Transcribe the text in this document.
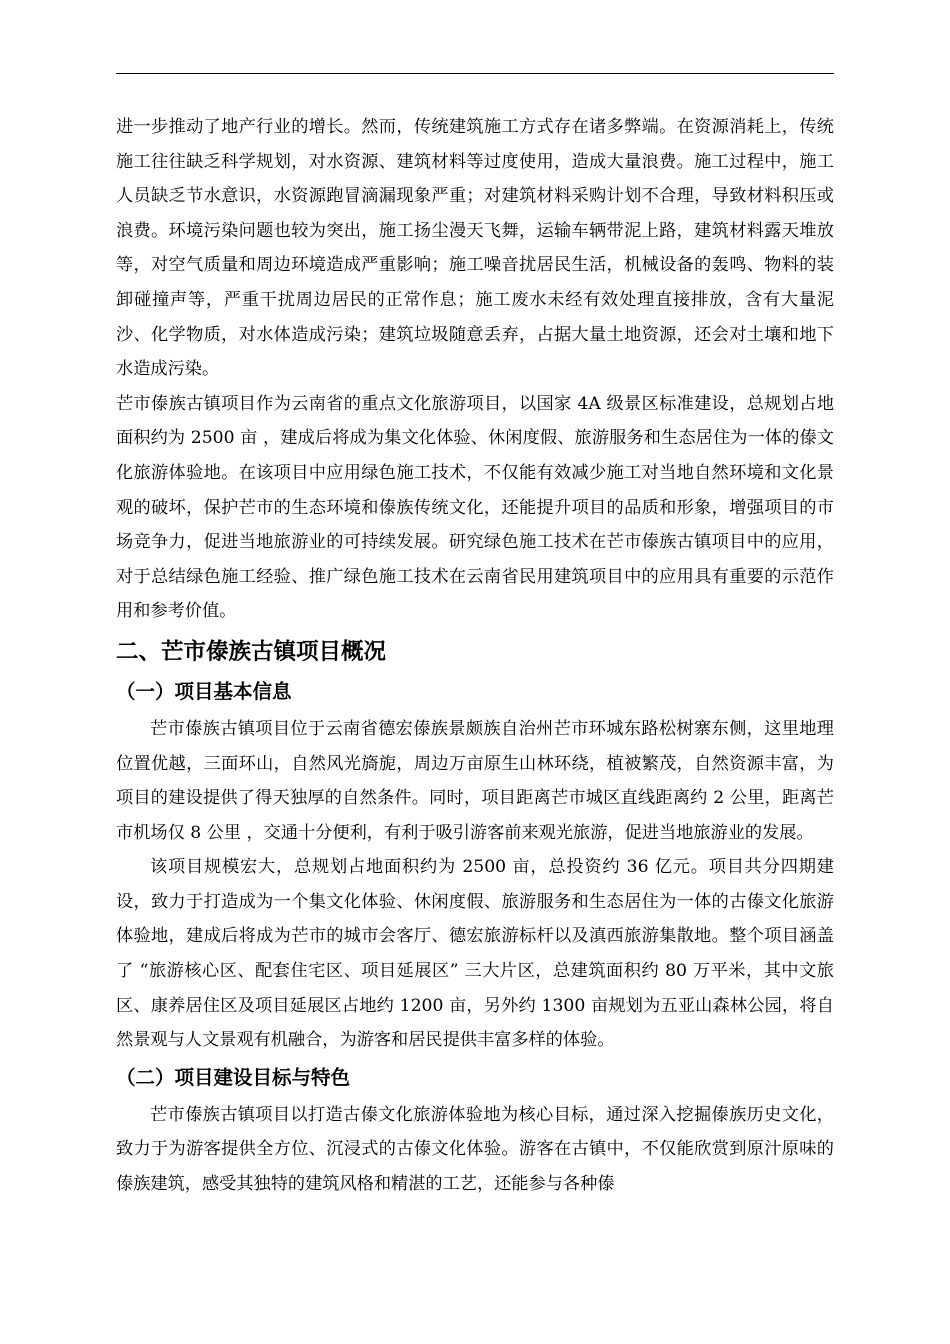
进一步推动了地产行业的增长。然而，传统建筑施工方式存在诸多弊端。在资源消耗上，传统施工往往缺乏科学规划，对水资源、建筑材料等过度使用，造成大量浪费。施工过程中，施工人员缺乏节水意识，水资源跑冒滴漏现象严重；对建筑材料采购计划不合理，导致材料积压或浪费。环境污染问题也较为突出，施工扬尘漫天飞舞，运输车辆带泥上路，建筑材料露天堆放等，对空气质量和周边环境造成严重影响；施工噪音扰居民生活，机械设备的轰鸣、物料的装卸碰撞声等，严重干扰周边居民的正常作息；施工废水未经有效处理直接排放，含有大量泥沙、化学物质，对水体造成污染；建筑垃圾随意丢弃，占据大量土地资源，还会对土壤和地下水造成污染。

芒市傣族古镇项目作为云南省的重点文化旅游项目，以国家 4A 级景区标准建设，总规划占地面积约为 2500 亩 ，建成后将成为集文化体验、休闲度假、旅游服务和生态居住为一体的傣文化旅游体验地。在该项目中应用绿色施工技术，不仅能有效减少施工对当地自然环境和文化景观的破坏，保护芒市的生态环境和傣族传统文化，还能提升项目的品质和形象，增强项目的市场竞争力，促进当地旅游业的可持续发展。研究绿色施工技术在芒市傣族古镇项目中的应用，对于总结绿色施工经验、推广绿色施工技术在云南省民用建筑项目中的应用具有重要的示范作用和参考价值。

二、芒市傣族古镇项目概况
（一）项目基本信息

芒市傣族古镇项目位于云南省德宏傣族景颇族自治州芒市环城东路松树寨东侧，这里地理位置优越，三面环山，自然风光旖旎，周边万亩原生山林环绕，植被繁茂，自然资源丰富，为项目的建设提供了得天独厚的自然条件。同时，项目距离芒市城区直线距离约 2 公里，距离芒市机场仅 8 公里 ，交通十分便利，有利于吸引游客前来观光旅游，促进当地旅游业的发展。

该项目规模宏大，总规划占地面积约为 2500 亩，总投资约 36 亿元。项目共分四期建设，致力于打造成为一个集文化体验、休闲度假、旅游服务和生态居住为一体的古傣文化旅游体验地，建成后将成为芒市的城市会客厅、德宏旅游标杆以及滇西旅游集散地。整个项目涵盖了 “旅游核心区、配套住宅区、项目延展区” 三大片区，总建筑面积约 80 万平米，其中文旅区、康养居住区及项目延展区占地约 1200 亩，另外约 1300 亩规划为五亚山森林公园，将自然景观与人文景观有机融合，为游客和居民提供丰富多样的体验。

（二）项目建设目标与特色

芒市傣族古镇项目以打造古傣文化旅游体验地为核心目标，通过深入挖掘傣族历史文化，致力于为游客提供全方位、沉浸式的古傣文化体验。游客在古镇中，不仅能欣赏到原汁原味的傣族建筑，感受其独特的建筑风格和精湛的工艺，还能参与各种傣
